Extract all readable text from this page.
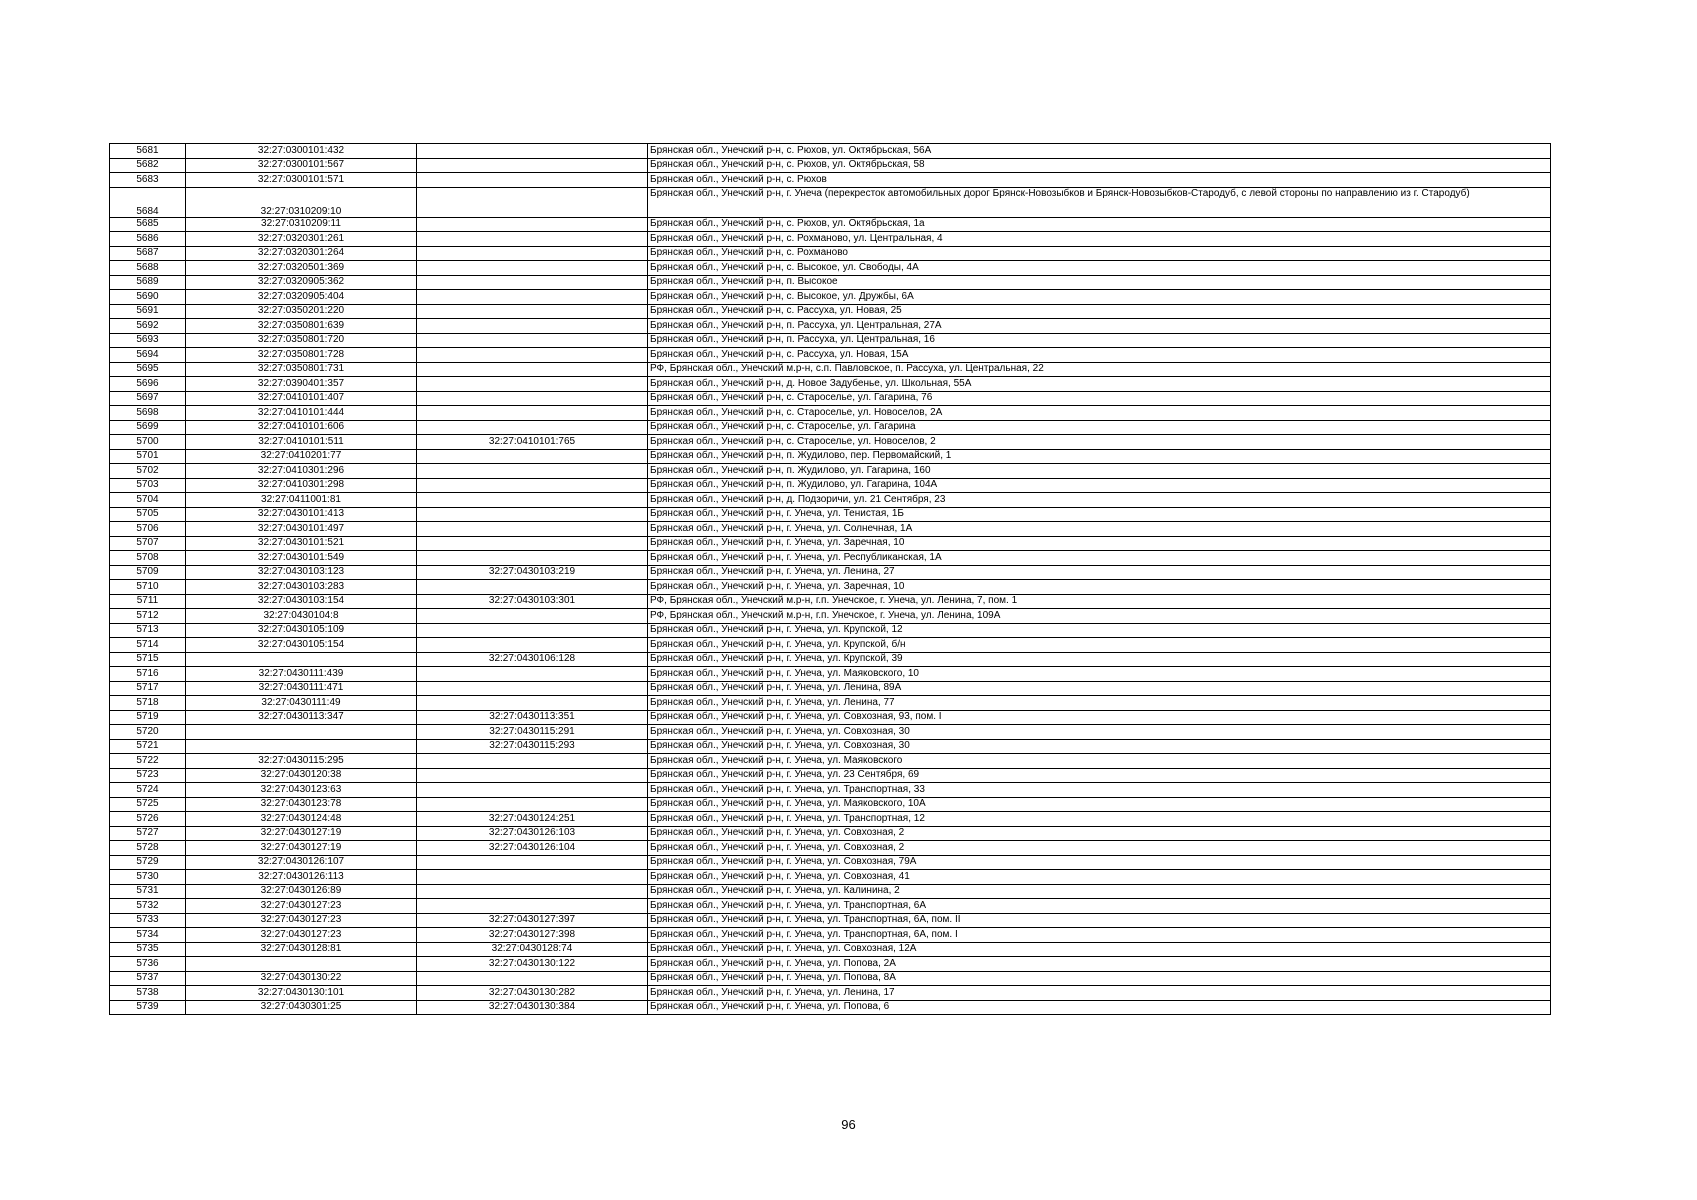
5681	32:27:0300101:432		Брянская обл., Унечский р-н, с. Рюхов, ул. Октябрьская, 56А
5682	32:27:0300101:567		Брянская обл., Унечский р-н, с. Рюхов, ул. Октябрьская, 58
5683	32:27:0300101:571		Брянская обл., Унечский р-н, с. Рюхов
5684	32:27:0310209:10		Брянская обл., Унечский р-н, г. Унеча (перекресток автомобильных дорог Брянск-Новозыбков и Брянск-Новозыбков-Стародуб, с левой стороны по направлению из г. Стародуб)
5685	32:27:0310209:11		Брянская обл., Унечский р-н, с. Рюхов, ул. Октябрьская, 1а
5686	32:27:0320301:261		Брянская обл., Унечский р-н, с. Рохманово, ул. Центральная, 4
5687	32:27:0320301:264		Брянская обл., Унечский р-н, с. Рохманово
5688	32:27:0320501:369		Брянская обл., Унечский р-н, с. Высокое, ул. Свободы, 4А
5689	32:27:0320905:362		Брянская обл., Унечский р-н, п. Высокое
5690	32:27:0320905:404		Брянская обл., Унечский р-н, с. Высокое, ул. Дружбы, 6А
5691	32:27:0350201:220		Брянская обл., Унечский р-н, с. Рассуха, ул. Новая, 25
5692	32:27:0350801:639		Брянская обл., Унечский р-н, п. Рассуха, ул. Центральная, 27А
5693	32:27:0350801:720		Брянская обл., Унечский р-н, п. Рассуха, ул. Центральная, 16
5694	32:27:0350801:728		Брянская обл., Унечский р-н, с. Рассуха, ул. Новая, 15А
5695	32:27:0350801:731		РФ, Брянская обл., Унечский м.р-н, с.п. Павловское, п. Рассуха, ул. Центральная, 22
5696	32:27:0390401:357		Брянская обл., Унечский р-н, д. Новое Задубенье, ул. Школьная, 55А
5697	32:27:0410101:407		Брянская обл., Унечский р-н, с. Староселье, ул. Гагарина, 76
5698	32:27:0410101:444		Брянская обл., Унечский р-н, с. Староселье, ул. Новоселов, 2А
5699	32:27:0410101:606		Брянская обл., Унечский р-н, с. Староселье, ул. Гагарина
5700	32:27:0410101:511	32:27:0410101:765	Брянская обл., Унечский р-н, с. Староселье, ул. Новоселов, 2
5701	32:27:0410201:77		Брянская обл., Унечский р-н, п. Жудилово, пер. Первомайский, 1
5702	32:27:0410301:296		Брянская обл., Унечский р-н, п. Жудилово, ул. Гагарина, 160
5703	32:27:0410301:298		Брянская обл., Унечский р-н, п. Жудилово, ул. Гагарина, 104А
5704	32:27:0411001:81		Брянская обл., Унечский р-н, д. Подзоричи, ул. 21 Сентября, 23
5705	32:27:0430101:413		Брянская обл., Унечский р-н, г. Унеча, ул. Тенистая, 1Б
5706	32:27:0430101:497		Брянская обл., Унечский р-н, г. Унеча, ул. Солнечная, 1А
5707	32:27:0430101:521		Брянская обл., Унечский р-н, г. Унеча, ул. Заречная, 10
5708	32:27:0430101:549		Брянская обл., Унечский р-н, г. Унеча, ул. Республиканская, 1А
5709	32:27:0430103:123	32:27:0430103:219	Брянская обл., Унечский р-н, г. Унеча, ул. Ленина, 27
5710	32:27:0430103:283		Брянская обл., Унечский р-н, г. Унеча, ул. Заречная, 10
5711	32:27:0430103:154	32:27:0430103:301	РФ, Брянская обл., Унечский м.р-н, г.п. Унечское, г. Унеча, ул. Ленина, 7, пом. 1
5712	32:27:0430104:8		РФ, Брянская обл., Унечский м.р-н, г.п. Унечское, г. Унеча, ул. Ленина, 109А
5713	32:27:0430105:109		Брянская обл., Унечский р-н, г. Унеча, ул. Крупской, 12
5714	32:27:0430105:154		Брянская обл., Унечский р-н, г. Унеча, ул. Крупской, б/н
5715		32:27:0430106:128	Брянская обл., Унечский р-н, г. Унеча, ул. Крупской, 39
5716	32:27:0430111:439		Брянская обл., Унечский р-н, г. Унеча, ул. Маяковского, 10
5717	32:27:0430111:471		Брянская обл., Унечский р-н, г. Унеча, ул. Ленина, 89А
5718	32:27:0430111:49		Брянская обл., Унечский р-н, г. Унеча, ул. Ленина, 77
5719	32:27:0430113:347	32:27:0430113:351	Брянская обл., Унечский р-н, г. Унеча, ул. Совхозная, 93, пом. I
5720		32:27:0430115:291	Брянская обл., Унечский р-н, г. Унеча, ул. Совхозная, 30
5721		32:27:0430115:293	Брянская обл., Унечский р-н, г. Унеча, ул. Совхозная, 30
5722	32:27:0430115:295		Брянская обл., Унечский р-н, г. Унеча, ул. Маяковского
5723	32:27:0430120:38		Брянская обл., Унечский р-н, г. Унеча, ул. 23 Сентября, 69
5724	32:27:0430123:63		Брянская обл., Унечский р-н, г. Унеча, ул. Транспортная, 33
5725	32:27:0430123:78		Брянская обл., Унечский р-н, г. Унеча, ул. Маяковского, 10А
5726	32:27:0430124:48	32:27:0430124:251	Брянская обл., Унечский р-н, г. Унеча, ул. Транспортная, 12
5727	32:27:0430127:19	32:27:0430126:103	Брянская обл., Унечский р-н, г. Унеча, ул. Совхозная, 2
5728	32:27:0430127:19	32:27:0430126:104	Брянская обл., Унечский р-н, г. Унеча, ул. Совхозная, 2
5729	32:27:0430126:107		Брянская обл., Унечский р-н, г. Унеча, ул. Совхозная, 79А
5730	32:27:0430126:113		Брянская обл., Унечский р-н, г. Унеча, ул. Совхозная, 41
5731	32:27:0430126:89		Брянская обл., Унечский р-н, г. Унеча, ул. Калинина, 2
5732	32:27:0430127:23		Брянская обл., Унечский р-н, г. Унеча, ул. Транспортная, 6А
5733	32:27:0430127:23	32:27:0430127:397	Брянская обл., Унечский р-н, г. Унеча, ул. Транспортная, 6А, пом. II
5734	32:27:0430127:23	32:27:0430127:398	Брянская обл., Унечский р-н, г. Унеча, ул. Транспортная, 6А, пом. I
5735	32:27:0430128:81	32:27:0430128:74	Брянская обл., Унечский р-н, г. Унеча, ул. Совхозная, 12А
5736		32:27:0430130:122	Брянская обл., Унечский р-н, г. Унеча, ул. Попова, 2А
5737	32:27:0430130:22		Брянская обл., Унечский р-н, г. Унеча, ул. Попова, 8А
5738	32:27:0430130:101	32:27:0430130:282	Брянская обл., Унечский р-н, г. Унеча, ул. Ленина, 17
5739	32:27:0430301:25	32:27:0430130:384	Брянская обл., Унечский р-н, г. Унеча, ул. Попова, 6
96
